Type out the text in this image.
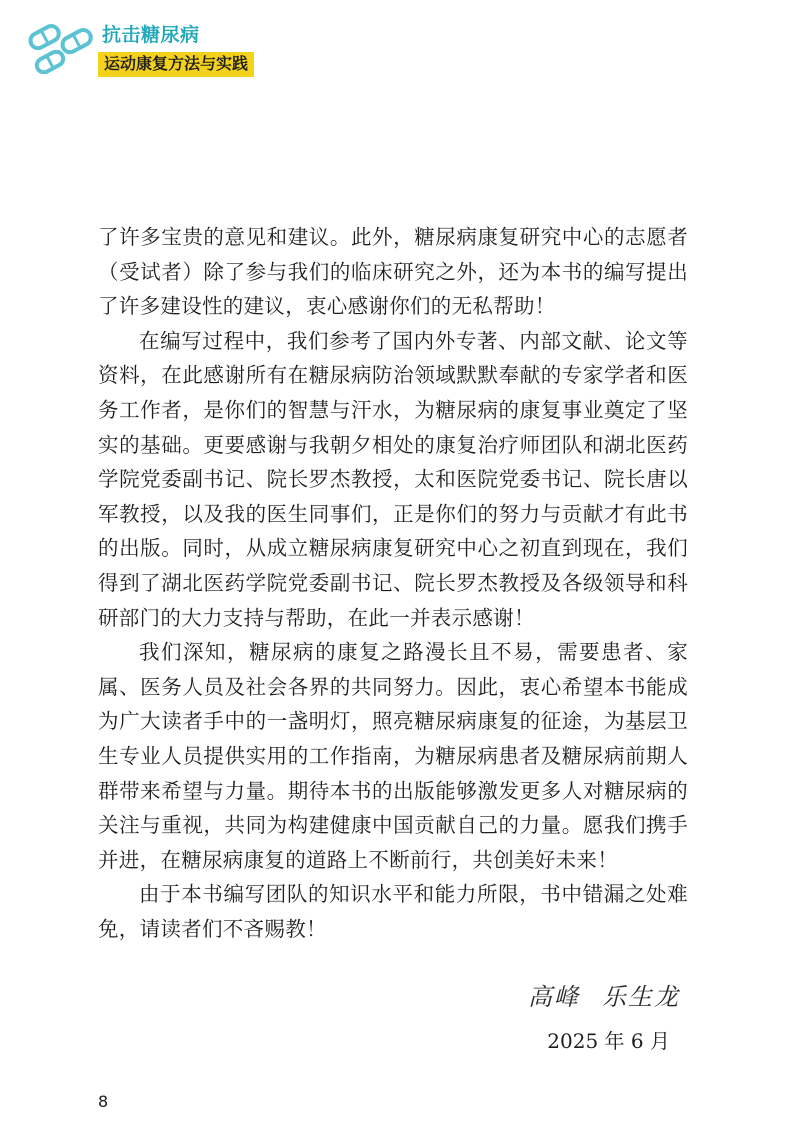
抗击糖尿病
运动康复方法与实践

了许多宝贵的意见和建议。此外，糖尿病康复研究中心的志愿者（受试者）除了参与我们的临床研究之外，还为本书的编写提出了许多建设性的建议，衷心感谢你们的无私帮助！

在编写过程中，我们参考了国内外专著、内部文献、论文等资料，在此感谢所有在糖尿病防治领域默默奉献的专家学者和医务工作者，是你们的智慧与汗水，为糖尿病的康复事业奠定了坚实的基础。更要感谢与我朝夕相处的康复治疗师团队和湖北医药学院党委副书记、院长罗杰教授，太和医院党委书记、院长唐以军教授，以及我的医生同事们，正是你们的努力与贡献才有此书的出版。同时，从成立糖尿病康复研究中心之初直到现在，我们得到了湖北医药学院党委副书记、院长罗杰教授及各级领导和科研部门的大力支持与帮助，在此一并表示感谢！

我们深知，糖尿病的康复之路漫长且不易，需要患者、家属、医务人员及社会各界的共同努力。因此，衷心希望本书能成为广大读者手中的一盏明灯，照亮糖尿病康复的征途，为基层卫生专业人员提供实用的工作指南，为糖尿病患者及糖尿病前期人群带来希望与力量。期待本书的出版能够激发更多人对糖尿病的关注与重视，共同为构建健康中国贡献自己的力量。愿我们携手并进，在糖尿病康复的道路上不断前行，共创美好未来！

由于本书编写团队的知识水平和能力所限，书中错漏之处难免，请读者们不吝赐教！

高峰 乐生龙
2025 年 6 月
8
